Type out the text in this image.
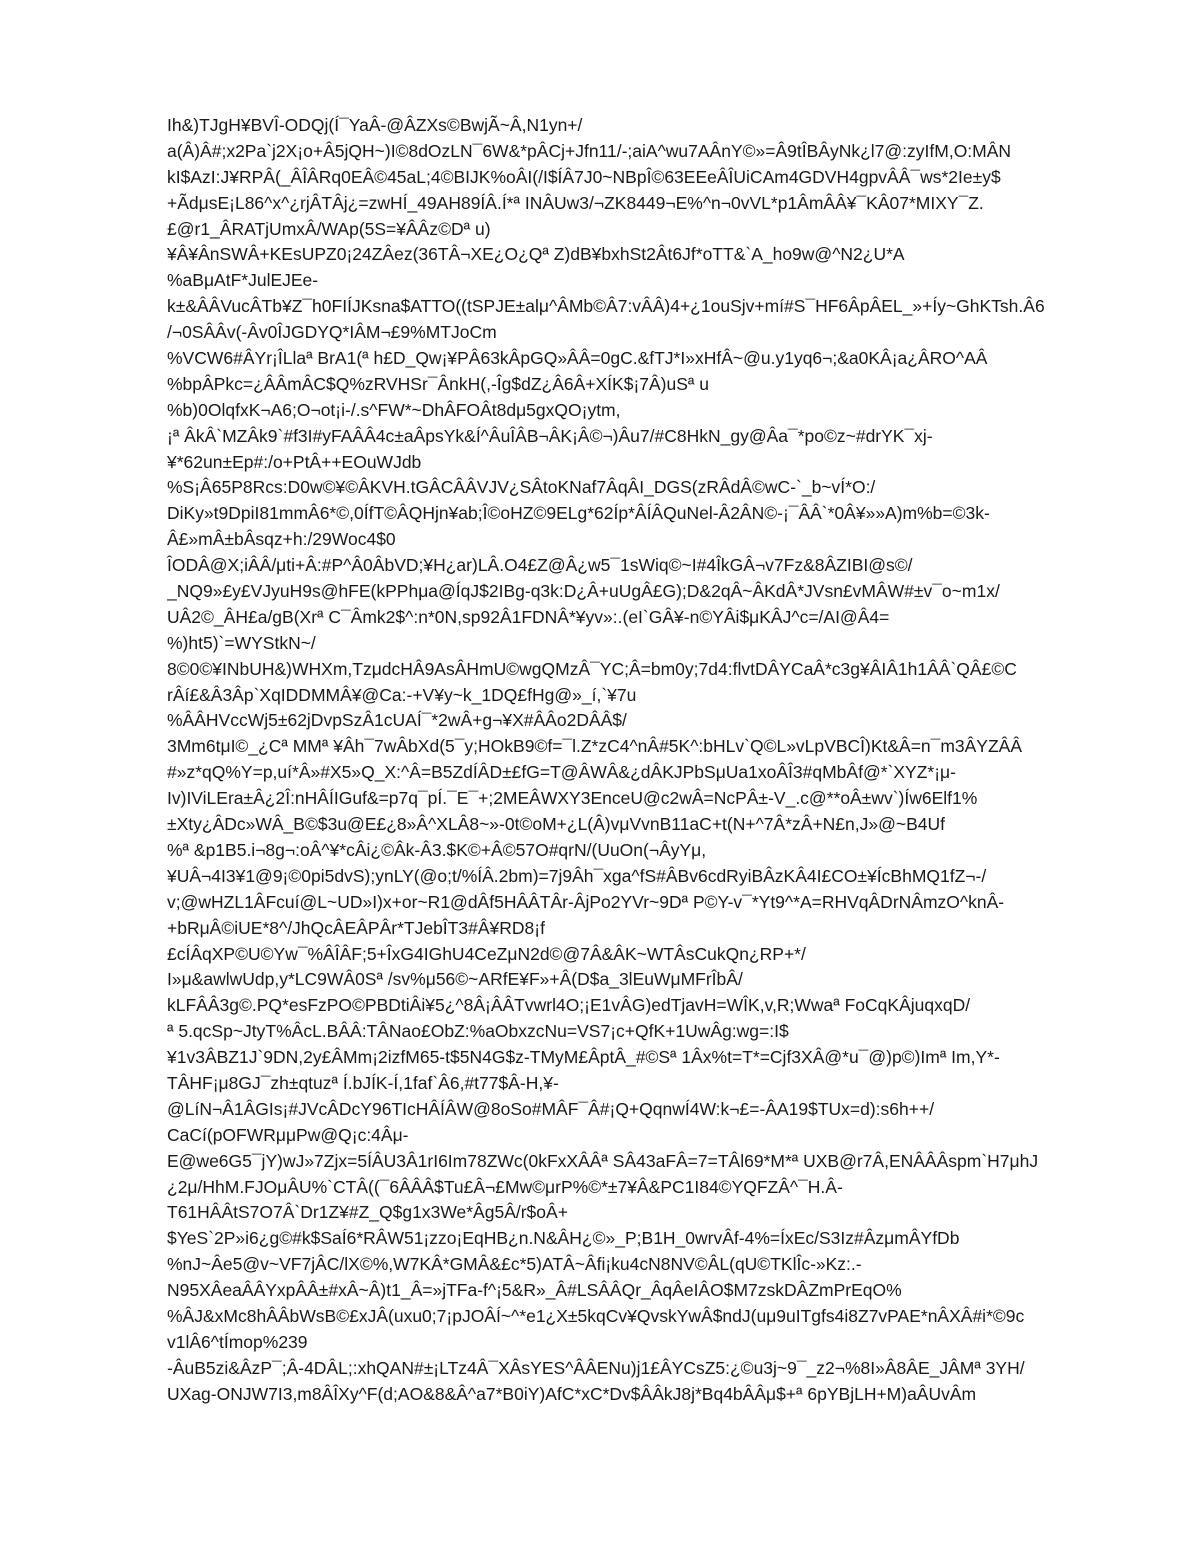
Ih&)TJgH¥BVÎ-ODQj(Í¯YaÂ-@ÂZXs©BwjÃ~Â,N1yn+/
a(Â)Â#;x2Pa`j2X¡o+Â5jQH~)I©8dOzLN¯6W&*pÂCj+Jfn11/-;aiA^wu7AÂnY©»=Â9tÎBÂyNk¿l7@:zyIfM,O:MÂN
kI$AzI:J¥RPÂ(_ÂÎÂRq0EÂ©45aL;4©BIJK%oÂI(/I$ÍÂ7J0~NBpÎ©63EEeÂÎUiCAm4GDVH4gpvÂÂ¯ws*2Ie±y$
+ÃdμsE¡L86^x^¿rjÂTÂj¿=zwHÍ_49AH89ÍÂ.Í*ª INÂUw3/¬ZK8449¬E%^n¬0vVL*p1ÂmÂÂ¥¯KÂ07*MIXY¯Z.
£@r1_ÂRATjUmxÂ/WAp(5S=¥ÂÂz©Dª u)
¥Â¥ÂnSWÂ+KEsUPZ0¡24ZÂez(36TÂ¬XE¿O¿Qª Z)dB¥bxhSt2Ât6Jf*oTT&`A_ho9w@^N2¿U*A
%aBμAtF*JulEJEe-
k±&ÂÂVucÂTb¥Z¯h0FIÍJKsna$ATTO((tSPJE±alμ^ÂMb©Â7:vÂÂ)4+¿1ouSjv+mí#S¯HF6ÂpÂEL_»+Íy~GhKTsh.Â6
/¬0SÂÂv(-Âv0ÎJGDYQ*IÂM¬£9%MTJoCm
%VCW6#ÂYr¡ÎLlaª BrA1(ª h£D_Qw¡¥PÂ63kÂpGQ»ÂÂ=0gC.&fTJ*I»xHfÂ~@u.y1yq6¬;&a0KÂ¡a¿ÂRO^AÂ
%bpÂPkc=¿ÂÂmÂC$Q%zRVHSr¯ÂnkH(,-Îg$dZ¿Â6Â+XÍK$¡7Â)uSª u
%b)0OlqfxK¬A6;O¬ot¡i-/.s^FW*~DhÂFOÂt8dμ5gxQO¡ytm,
¡ª ÂkÂ`MZÂk9`#f3I#yFAÂÂ4c±aÂpsYk&Í^ÂuÎÂB¬ÂK¡Â©¬)Âu7/#C8HkN_gy@Âa¯*po©z~#drYK¯xj-
¥*62un±Ep#:/o+PtÂ++EOuWJdb
%S¡Â65P8Rcs:D0w©¥©ÂKVH.tGÂCÂÂVJV¿SÂtoKNaf7ÂqÂI_DGS(zRÂdÂ©wC-`_b~vÍ*O:/
DiKy»t9DpiI81mmÂ6*©,0ÍfT©ÂQHjn¥ab;Î©oHZ©9ELg*62Íp*ÂÍÂQuNel-Â2ÂN©-¡¯ÂÂ`*0Â¥»»A)m%b=©3k-
Â£»mÂ±bÂsqz+h:/29Woc4$0
ÎODÂ@X;iÂÂ/μti+Â:#P^Â0ÂbVD;¥H¿ar)LÂ.O4£Z@Â¿w5¯1sWiq©~I#4ÎkGÂ¬v7Fz&8ÂZIBI@s©/
_NQ9»£y£VJyuH9s@hFE(kPPhμa@ÍqJ$2IBg-q3k:D¿Â+uUgÂ£G);D&2qÂ~ÂKdÂ*JVsn£vMÂW#±v¯o~m1x/
UÂ2©_ÂH£a/gB(Xrª C¯Âmk2$^:n*0N,sp92Â1FDNÂ*¥yv»:.(eI`GÂ¥-n©YÂi$μKÂJ^c=/AI@Â4=
%)ht5)`=WYStkN~/
8©0©¥INbUH&)WHXm,TzμdcHÂ9AsÂHmU©wgQMzÂ¯YC;Â=bm0y;7d4:flvtDÂYCaÂ*c3g¥ÂIÂ1h1ÂÂ`QÂ£©C
rÂí£&Â3Âp`XqIDDMMÂ¥@Ca:-+V¥y~k_1DQ£fHg@»_í,`¥7u
%ÂÂHVccWj5±62jDvpSzÂ1cUAÍ¯*2wÂ+g¬¥X#ÂÂo2DÂÂ$/
3Mm6tμI©_¿Cª MMª ¥Âh¯7wÂbXd(5¯y;HOkB9©f=¯l.Z*zC4^nÂ#5K^:bHLv`Q©L»vLpVBCÎ)Kt&Â=n¯m3ÂYZÂÂ
#»z*qQ%Y=p,uí*Â»#X5»Q_X:^Â=B5ZdÍÂD±£fG=T@ÂWÂ&¿dÂKJPbSμUa1xoÂÎ3#qMbÂf@*`XYZ*¡μ-
Iv)IViLEra±Â¿2Î:nHÂÍIGuf&=p7q¯pÍ.¯E¯+;2MEÂWXY3EnceU@c2wÂ=NcPÂ±-V_.c@**oÂ±wv`)Íw6Elf1%
±Xty¿ÂDc»WÂ_B©$3u@E£¿8»Â^XLÂ8~»-0t©oM+¿L(Â)vμVvnB11aC+t(N+^7Â*zÂ+N£n,J»@~B4Uf
%ª &p1B5.i¬8g¬:oÂ^¥*cÂi¿©Âk-Â3.$K©+Â©57O#qrN/(UuOn(¬ÂyYμ,
¥UÂ¬4I3¥1@9¡©0pi5dvS);ynLY(@o;t/%ÍÂ.2bm)=7j9Âh¯xga^fS#ÂBv6cdRyiBÂzKÂ4I£CO±¥ÍcBhMQ1fZ¬-/
v;@wHZL1ÂFcuí@L~UD»I)x+or~R1@dÂf5HÂÂTÂr-ÂjPo2YVr~9Dª P©Y-v¯*Yt9^*A=RHVqÂDrNÂmzO^knÂ-
+bRμÂ©iUE*8^/JhQcÂEÂPÂr*TJebÎT3#Â¥RD8¡f
£cÍÂqXP©U©Yw¯%ÂÎÂF;5+ÎxG4IGhU4CeZμN2d©@7Â&ÂK~WTÂsCukQn¿RP+*/
I»μ&awlwUdp,y*LC9WÂ0Sª /sv%μ56©~ARfE¥F»+Â(D$a_3lEuWμMFrÎbÂ/
kLFÂÂ3g©.PQ*esFzPO©PBDtiÂi¥5¿^8Â¡ÂÂTvwrl4O;¡E1vÂG)edTjavH=WÎK,v,R;Wwaª FoCqKÂjuqxqD/
ª 5.qcSp~JtyT%ÂcL.BÂÂ:TÂNao£ObZ:%aObxzcNu=VS7¡c+QfK+1UwÂg:wg=:I$
¥1v3ÂBZ1J`9DN,2y£ÂMm¡2izfM65-t$5N4G$z-TMyM£ÂptÂ_#©Sª 1Âx%t=T*=Cjf3XÂ@*u¯@)p©)Imª Im,Y*-
TÂHF¡μ8GJ¯zh±qtuzª Í.bJÍK-Í,1faf`Â6,#t77$Â-H,¥-
@LíN¬Â1ÂGIs¡#JVcÂDcY96TIcHÂÍÂW@8oSo#MÂF¯Â#¡Q+QqnwÍ4W:k¬£=-ÂA19$TUx=d):s6h++/
CaCí(pOFWRμμPw@Q¡c:4Âμ-
E@we6G5¯jY)wJ»7Zjx=5ÍÂU3Â1rI6Im78ZWc(0kFxXÂÂª SÂ43aFÂ=7=TÂl69*M*ª UXB@r7Â,ENÂÂÂspm`H7μhJ
¿2μ/HhM.FJOμÂU%`CTÂ((¯6ÂÂÂ$Tu£Â¬£Mw©μrP%©*±7¥Â&PC1I84©YQFZÂ^¯H.Â-
T61HÂÂtS7O7Â`Dr1Z¥#Z_Q$g1x3We*Âg5Â/r$oÂ+
$YeS`2P»i6¿g©#k$SaÍ6*RÂW51¡zzo¡EqHB¿n.N&ÂH¿©»_P;B1H_0wrvÂf-4%=ÍxEc/S3Iz#ÂzμmÂYfDb
%nJ~Âe5@v~VF7jÂC/lX©%,W7KÂ*GMÂ&£c*5)ATÂ~Âfi¡ku4cN8NV©ÂL(qU©TKlÎc-»Kz:.-
N95XÂeaÂÂYxpÂÂ±#xÂ~Â)t1_Â=»jTFa-f^¡5&R»_Â#LSÂÂQr_ÂqÂeIÂO$M7zskDÂZmPrEqO%
%ÂJ&xMc8hÂÂbWsB©£xJÂ(uxu0;7¡pJOÂÍ~^*e1¿X±5kqCv¥QvskYwÂ$ndJ(uμ9uITgfs4i8Z7vPAE*nÂXÂ#i*©9c
v1lÂ6^tÍmop%239
-ÂuB5zi&ÂzP¯;Â-4DÂL;:xhQAN#±¡LTz4Â¯XÂsYES^ÂÂENu)j1£ÂYCsZ5:¿©u3j~9¯_z2¬%8I»Â8ÂE_JÂMª 3YH/
UXag-ONJW7I3,m8ÂÎXy^F(d;AO&8&Â^a7*B0iY)AfC*xC*Dv$ÂÂkJ8j*Bq4bÂÂμ$+ª 6pYBjLH+M)aÂUvÂm
